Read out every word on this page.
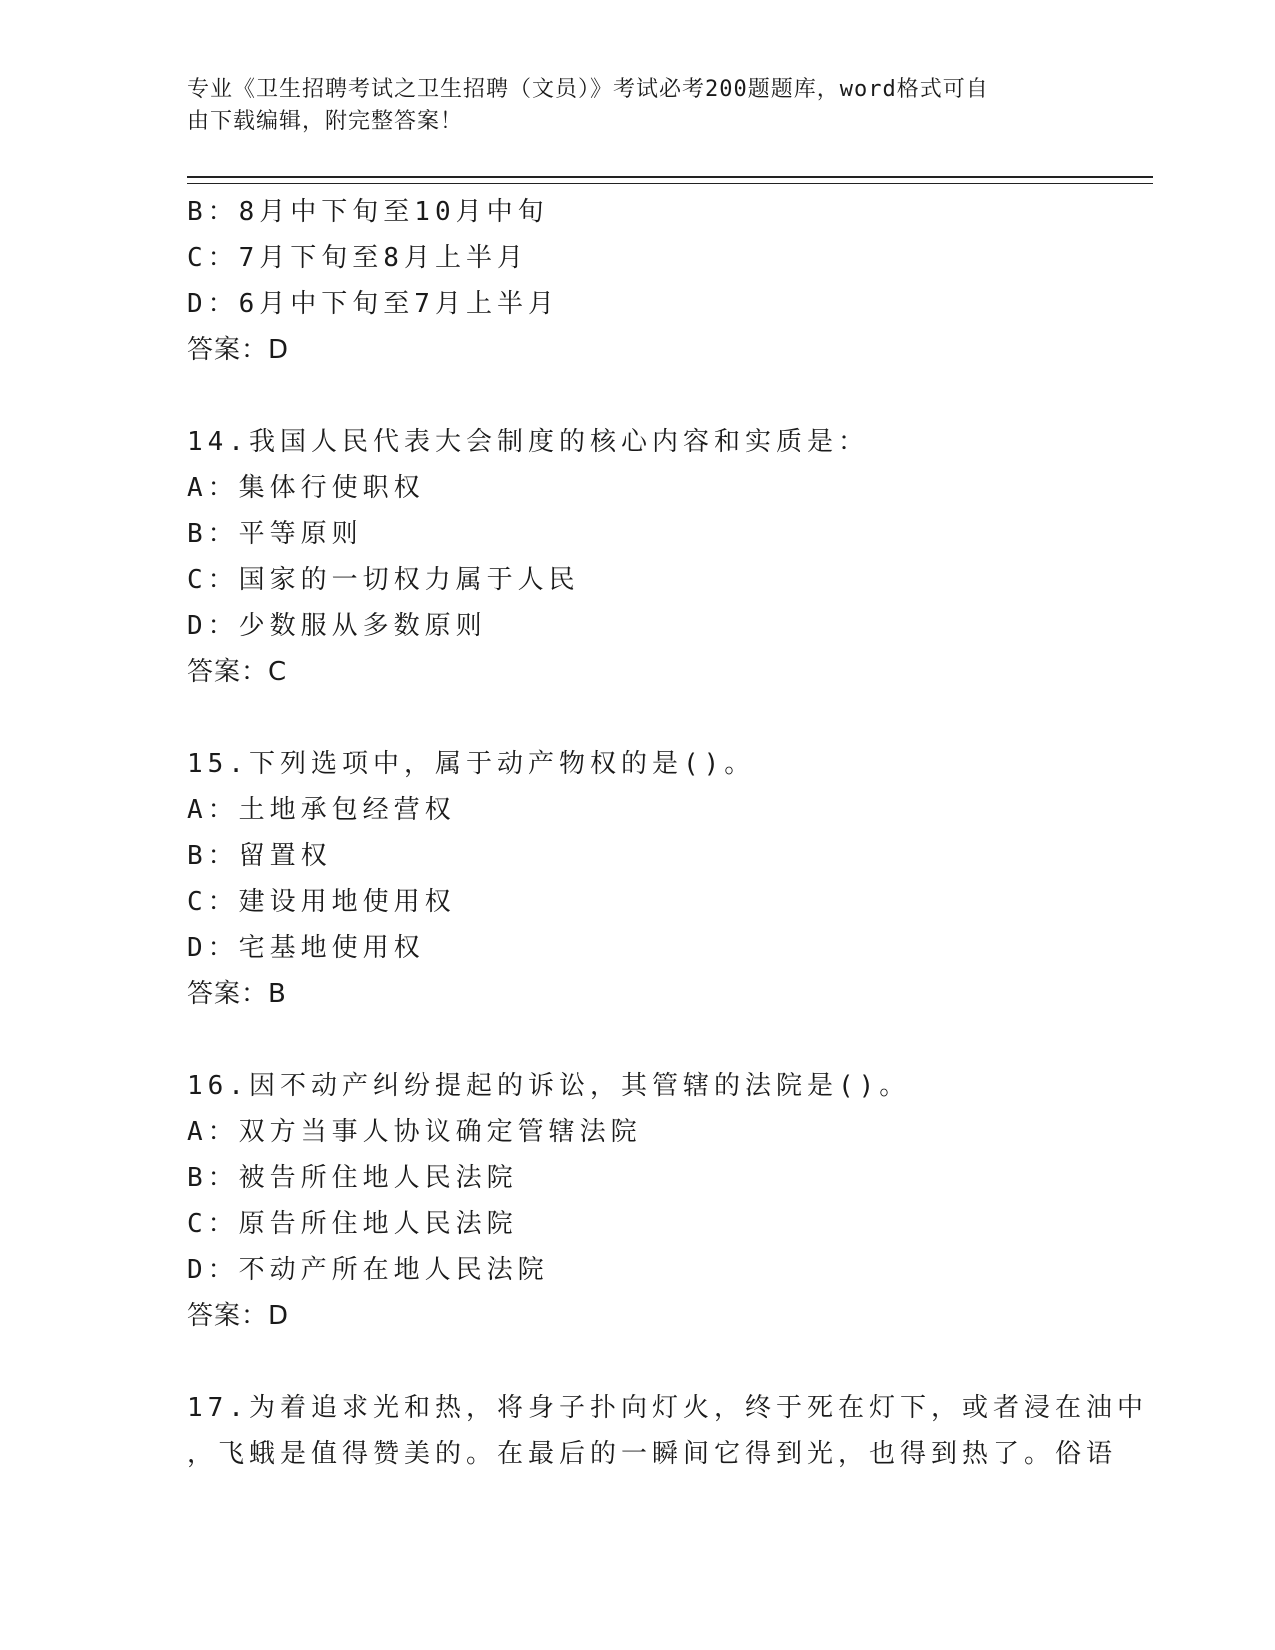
专业《卫生招聘考试之卫生招聘（文员）》考试必考200题题库，word格式可自
由下载编辑，附完整答案！
B：8月中下旬至10月中旬
C：7月下旬至8月上半月
D：6月中下旬至7月上半月
答案：D
14.我国人民代表大会制度的核心内容和实质是：
A：集体行使职权
B：平等原则
C：国家的一切权力属于人民
D：少数服从多数原则
答案：C
15.下列选项中，属于动产物权的是()。
A：土地承包经营权
B：留置权
C：建设用地使用权
D：宅基地使用权
答案：B
16.因不动产纠纷提起的诉讼，其管辖的法院是()。
A：双方当事人协议确定管辖法院
B：被告所住地人民法院
C：原告所住地人民法院
D：不动产所在地人民法院
答案：D
17.为着追求光和热，将身子扑向灯火，终于死在灯下，或者浸在油中
，飞蛾是值得赞美的。在最后的一瞬间它得到光，也得到热了。俗语
